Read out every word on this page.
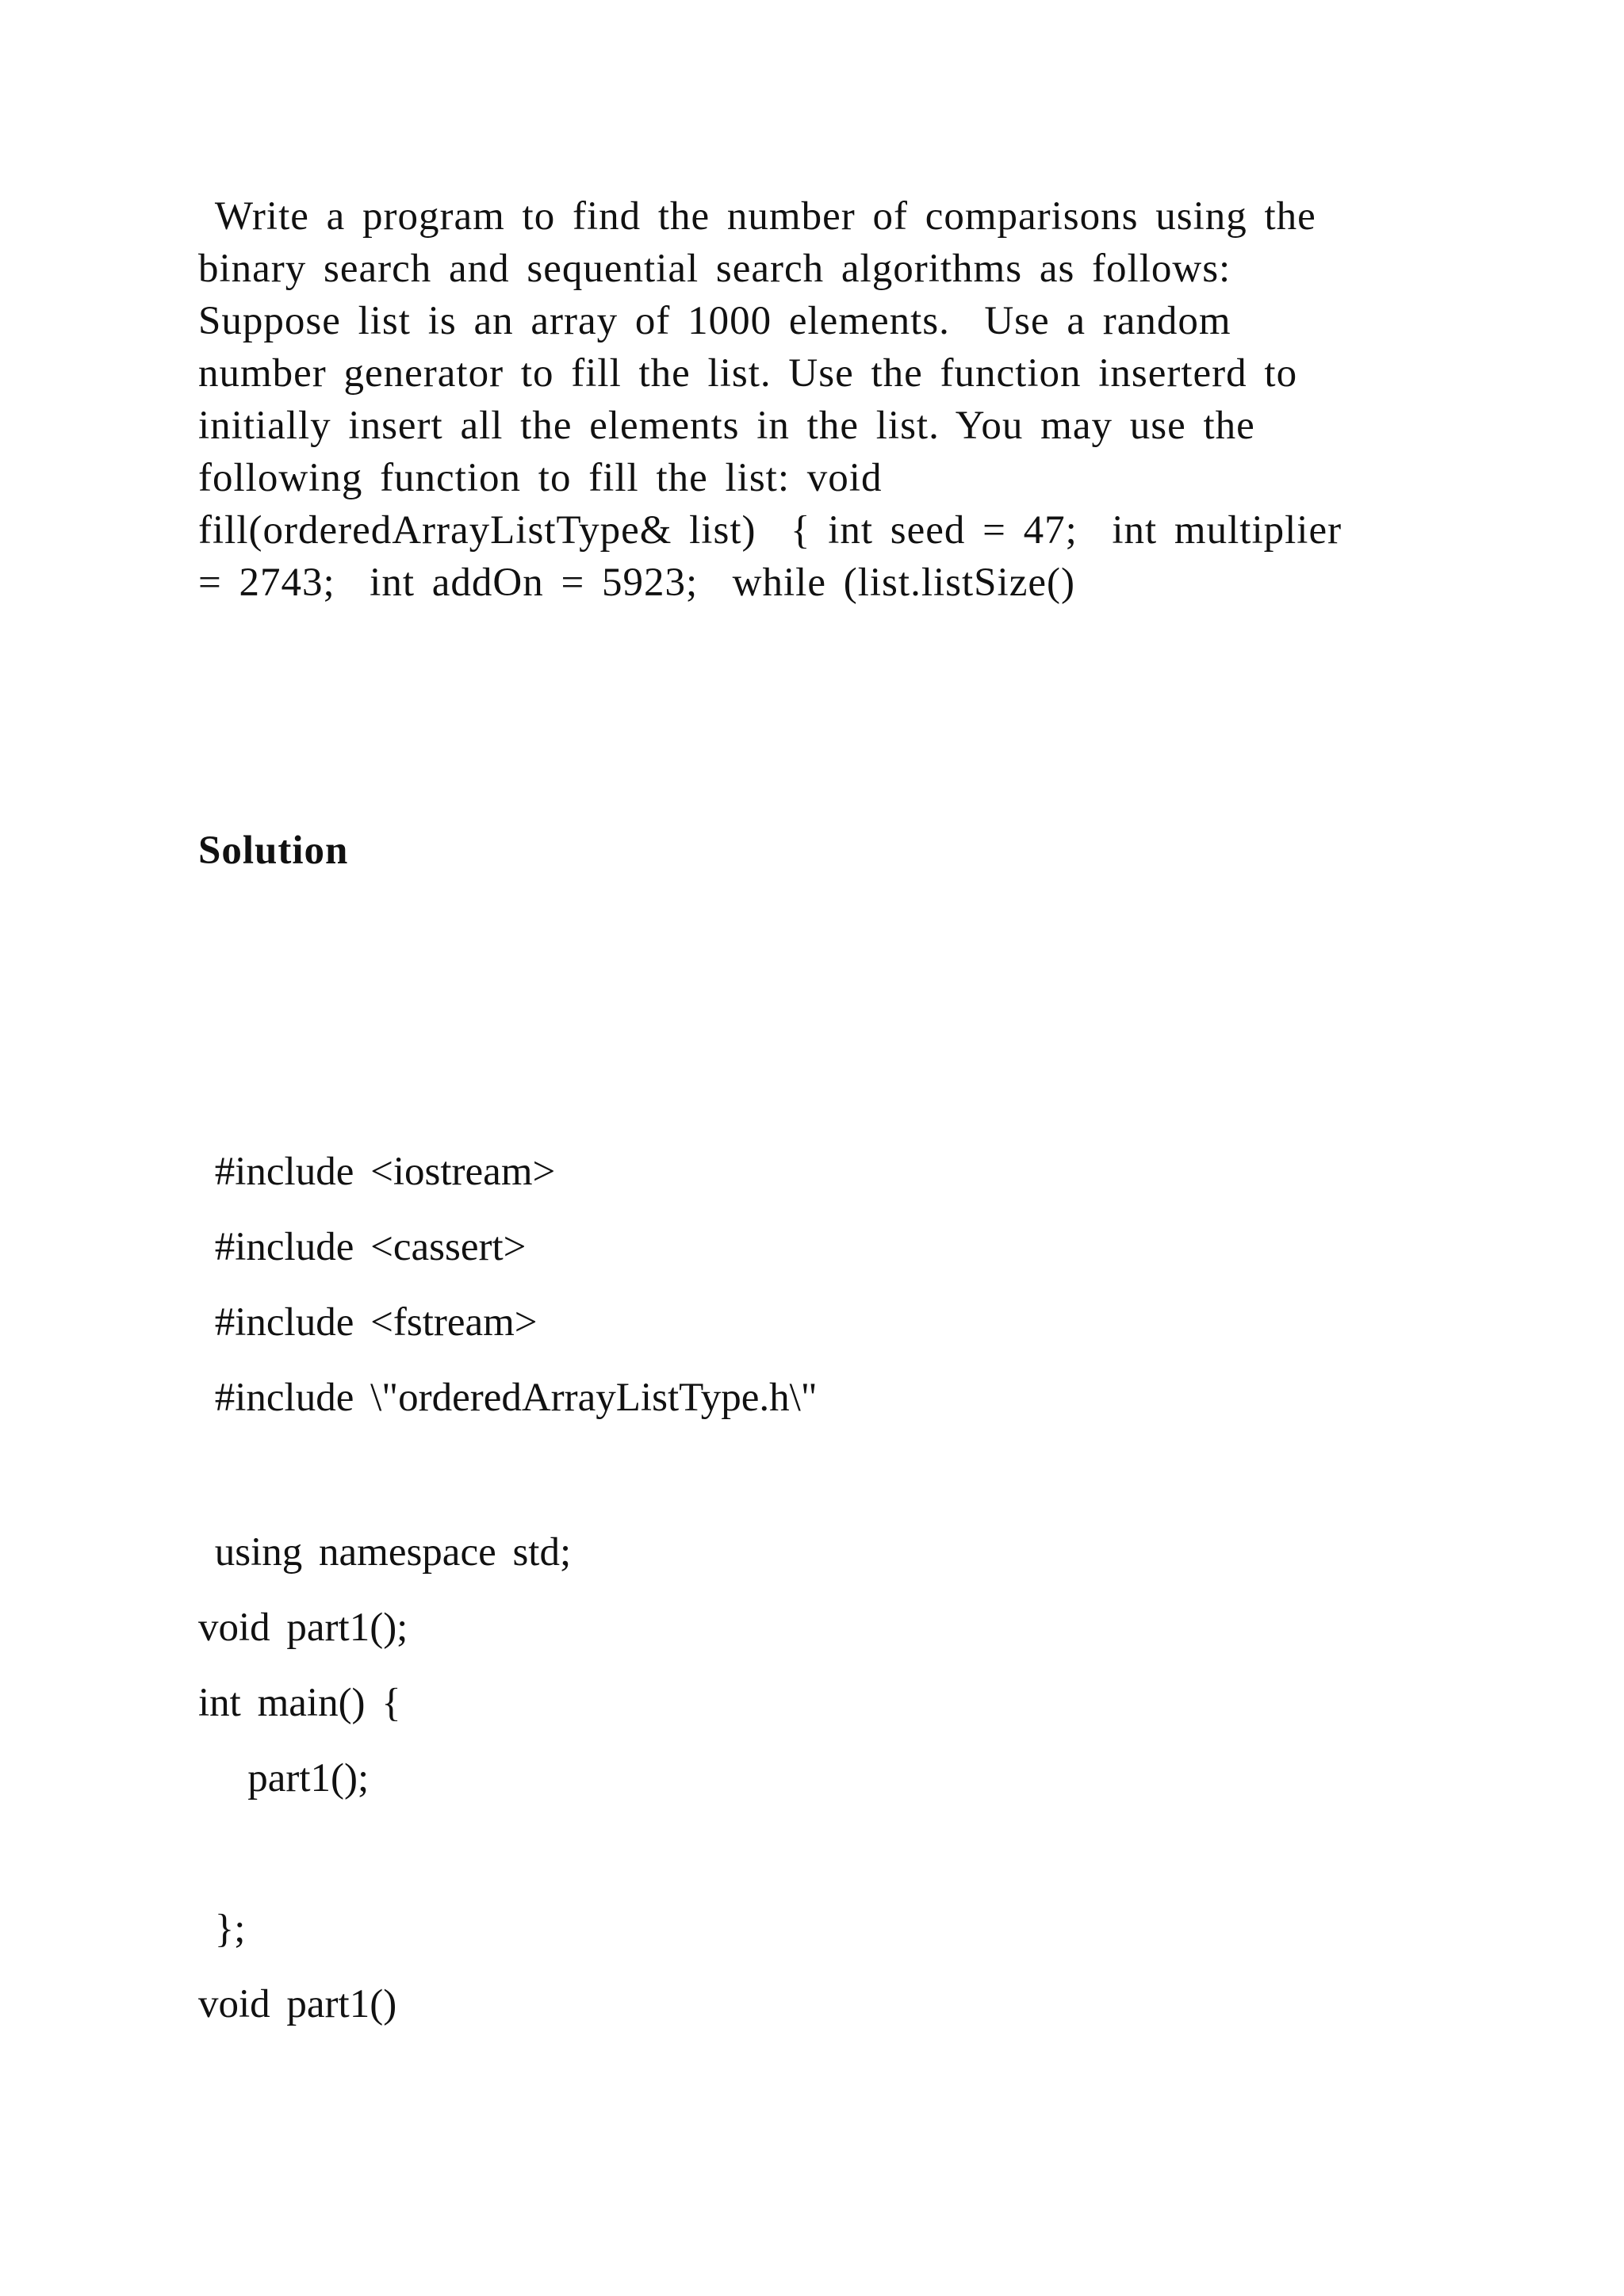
Write a program to find the number of comparisons using the
binary search and sequential search algorithms as follows:
Suppose list is an array of 1000 elements.  Use a random
number generator to fill the list. Use the function inserterd to
initially insert all the elements in the list. You may use the
following function to fill the list: void
fill(orderedArrayListType& list)  { int seed = 47;  int multiplier
= 2743;  int addOn = 5923;  while (list.listSize()
Solution
#include <iostream>
#include <cassert>
#include <fstream>
#include \"orderedArrayListType.h\"
using namespace std;
void part1();
int main() {
part1();
};
void part1()
